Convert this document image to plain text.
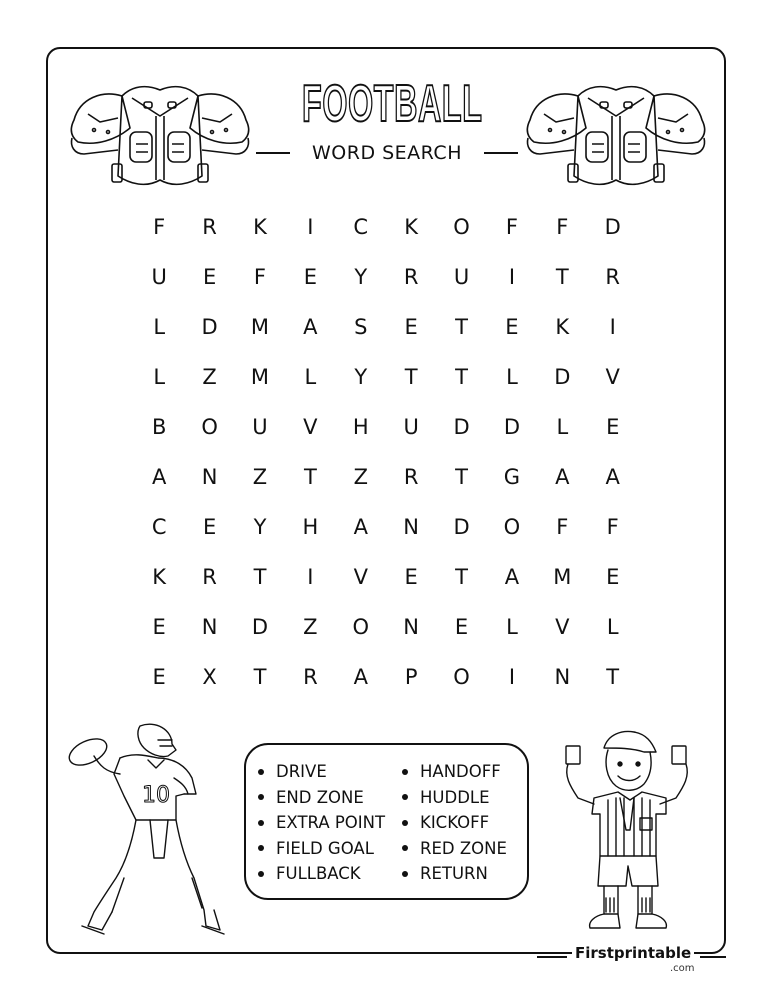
FOOTBALL
WORD SEARCH
F	R	K	I	C	K	O	F	F	D
U	E	F	E	Y	R	U	I	T	R
L	D	M	A	S	E	T	E	K	I
L	Z	M	L	Y	T	T	L	D	V
B	O	U	V	H	U	D	D	L	E
A	N	Z	T	Z	R	T	G	A	A
C	E	Y	H	A	N	D	O	F	F
K	R	T	I	V	E	T	A	M	E
E	N	D	Z	O	N	E	L	V	L
E	X	T	R	A	P	O	I	N	T
10
DRIVE
END ZONE
EXTRA POINT
FIELD GOAL
FULLBACK
HANDOFF
HUDDLE
KICKOFF
RED ZONE
RETURN
Firstprintable
.com
